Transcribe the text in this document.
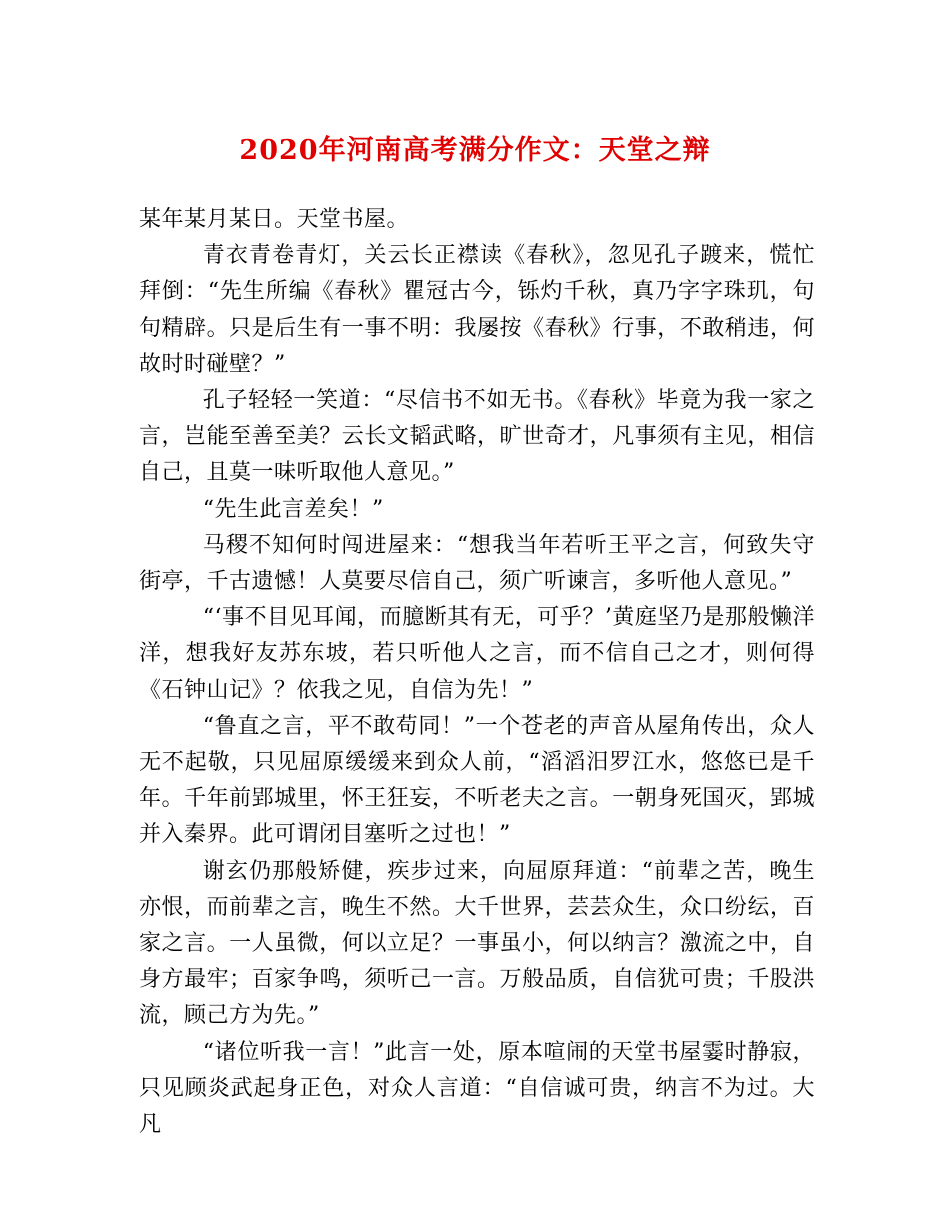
2020年河南高考满分作文：天堂之辩

某年某月某日。天堂书屋。

青衣青卷青灯，关云长正襟读《春秋》，忽见孔子踱来，慌忙拜倒：“先生所编《春秋》瞿冠古今，铄灼千秋，真乃字字珠玑，句句精辟。只是后生有一事不明：我屡按《春秋》行事，不敢稍违，何故时时碰壁？”

孔子轻轻一笑道：“尽信书不如无书。《春秋》毕竟为我一家之言，岂能至善至美？云长文韬武略，旷世奇才，凡事须有主见，相信自己，且莫一味听取他人意见。”

“先生此言差矣！”

马稷不知何时闯进屋来：“想我当年若听王平之言，何致失守街亭，千古遗憾！人莫要尽信自己，须广听谏言，多听他人意见。”

“‘事不目见耳闻，而臆断其有无，可乎？’黄庭坚乃是那般懒洋洋，想我好友苏东坡，若只听他人之言，而不信自己之才，则何得《石钟山记》？依我之见，自信为先！”

“鲁直之言，平不敢苟同！”一个苍老的声音从屋角传出，众人无不起敬，只见屈原缓缓来到众人前，“滔滔汨罗江水，悠悠已是千年。千年前郢城里，怀王狂妄，不听老夫之言。一朝身死国灭，郢城并入秦界。此可谓闭目塞听之过也！”

谢玄仍那般矫健，疾步过来，向屈原拜道：“前辈之苦，晚生亦恨，而前辈之言，晚生不然。大千世界，芸芸众生，众口纷纭，百家之言。一人虽微，何以立足？一事虽小，何以纳言？激流之中，自身方最牢；百家争鸣，须听己一言。万般品质，自信犹可贵；千股洪流，顾己方为先。”

“诸位听我一言！”此言一处，原本喧闹的天堂书屋霎时静寂，只见顾炎武起身正色，对众人言道：“自信诚可贵，纳言不为过。大凡
